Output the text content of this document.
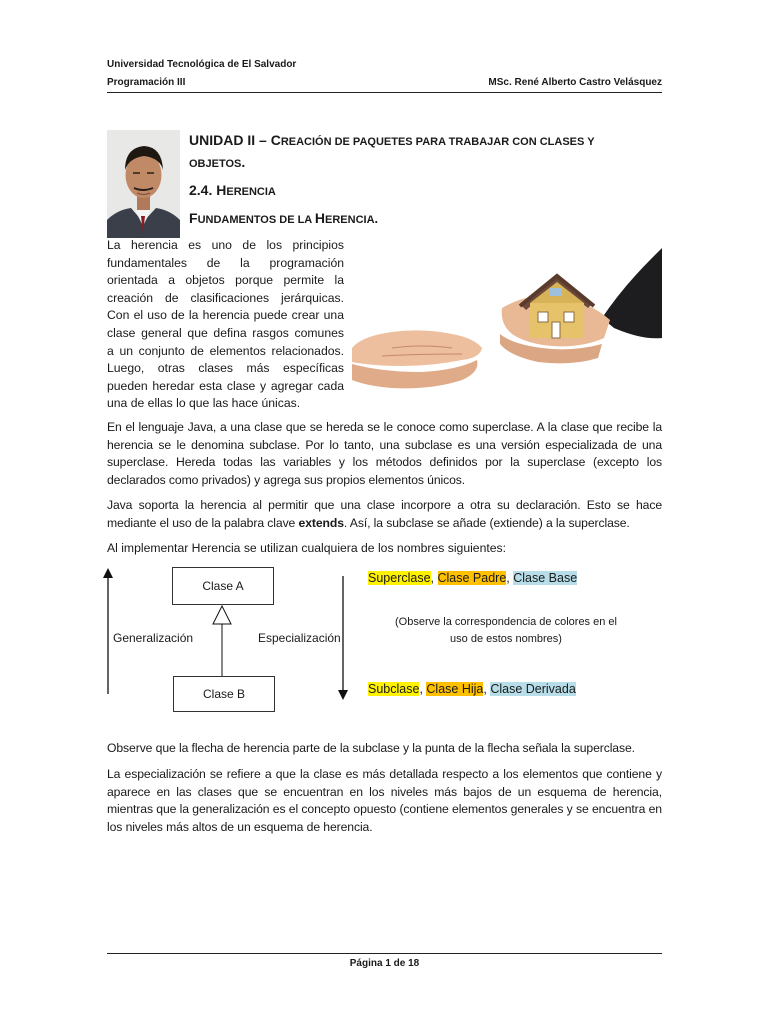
Universidad Tecnológica de El Salvador
Programación III	MSc. René Alberto Castro Velásquez
UNIDAD II – CREACIÓN DE PAQUETES PARA TRABAJAR CON CLASES Y
OBJETOS.
2.4. HERENCIA
FUNDAMENTOS DE LA HERENCIA.
La herencia es uno de los principios
fundamentales de la programación
orientada a objetos porque permite la
creación de clasificaciones jerárquicas.
Con el uso de la herencia puede crear una
clase general que defina rasgos comunes
a un conjunto de elementos relacionados.
Luego, otras clases más específicas
pueden heredar esta clase y agregar cada
una de ellas lo que las hace únicas.
En el lenguaje Java, a una clase que se hereda se le conoce como superclase. A la clase que recibe la herencia se le denomina subclase. Por lo tanto, una subclase es una versión especializada de una superclase. Hereda todas las variables y los métodos definidos por la superclase (excepto los declarados como privados) y agrega sus propios elementos únicos.
Java soporta la herencia al permitir que una clase incorpore a otra su declaración. Esto se hace mediante el uso de la palabra clave extends. Así, la subclase se añade (extiende) a la superclase.
Al implementar Herencia se utilizan cualquiera de los nombres siguientes:
Clase A
Clase B
Generalización	Especialización
Superclase, Clase Padre, Clase Base
(Observe la correspondencia de colores en el
uso de estos nombres)
Subclase, Clase Hija, Clase Derivada
Observe que la flecha de herencia parte de la subclase y la punta de la flecha señala la superclase.
La especialización se refiere a que la clase es más detallada respecto a los elementos que contiene y aparece en las clases que se encuentran en los niveles más bajos de un esquema de herencia, mientras que la generalización es el concepto opuesto (contiene elementos generales y se encuentra en los niveles más altos de un esquema de herencia.
Página 1 de 18
